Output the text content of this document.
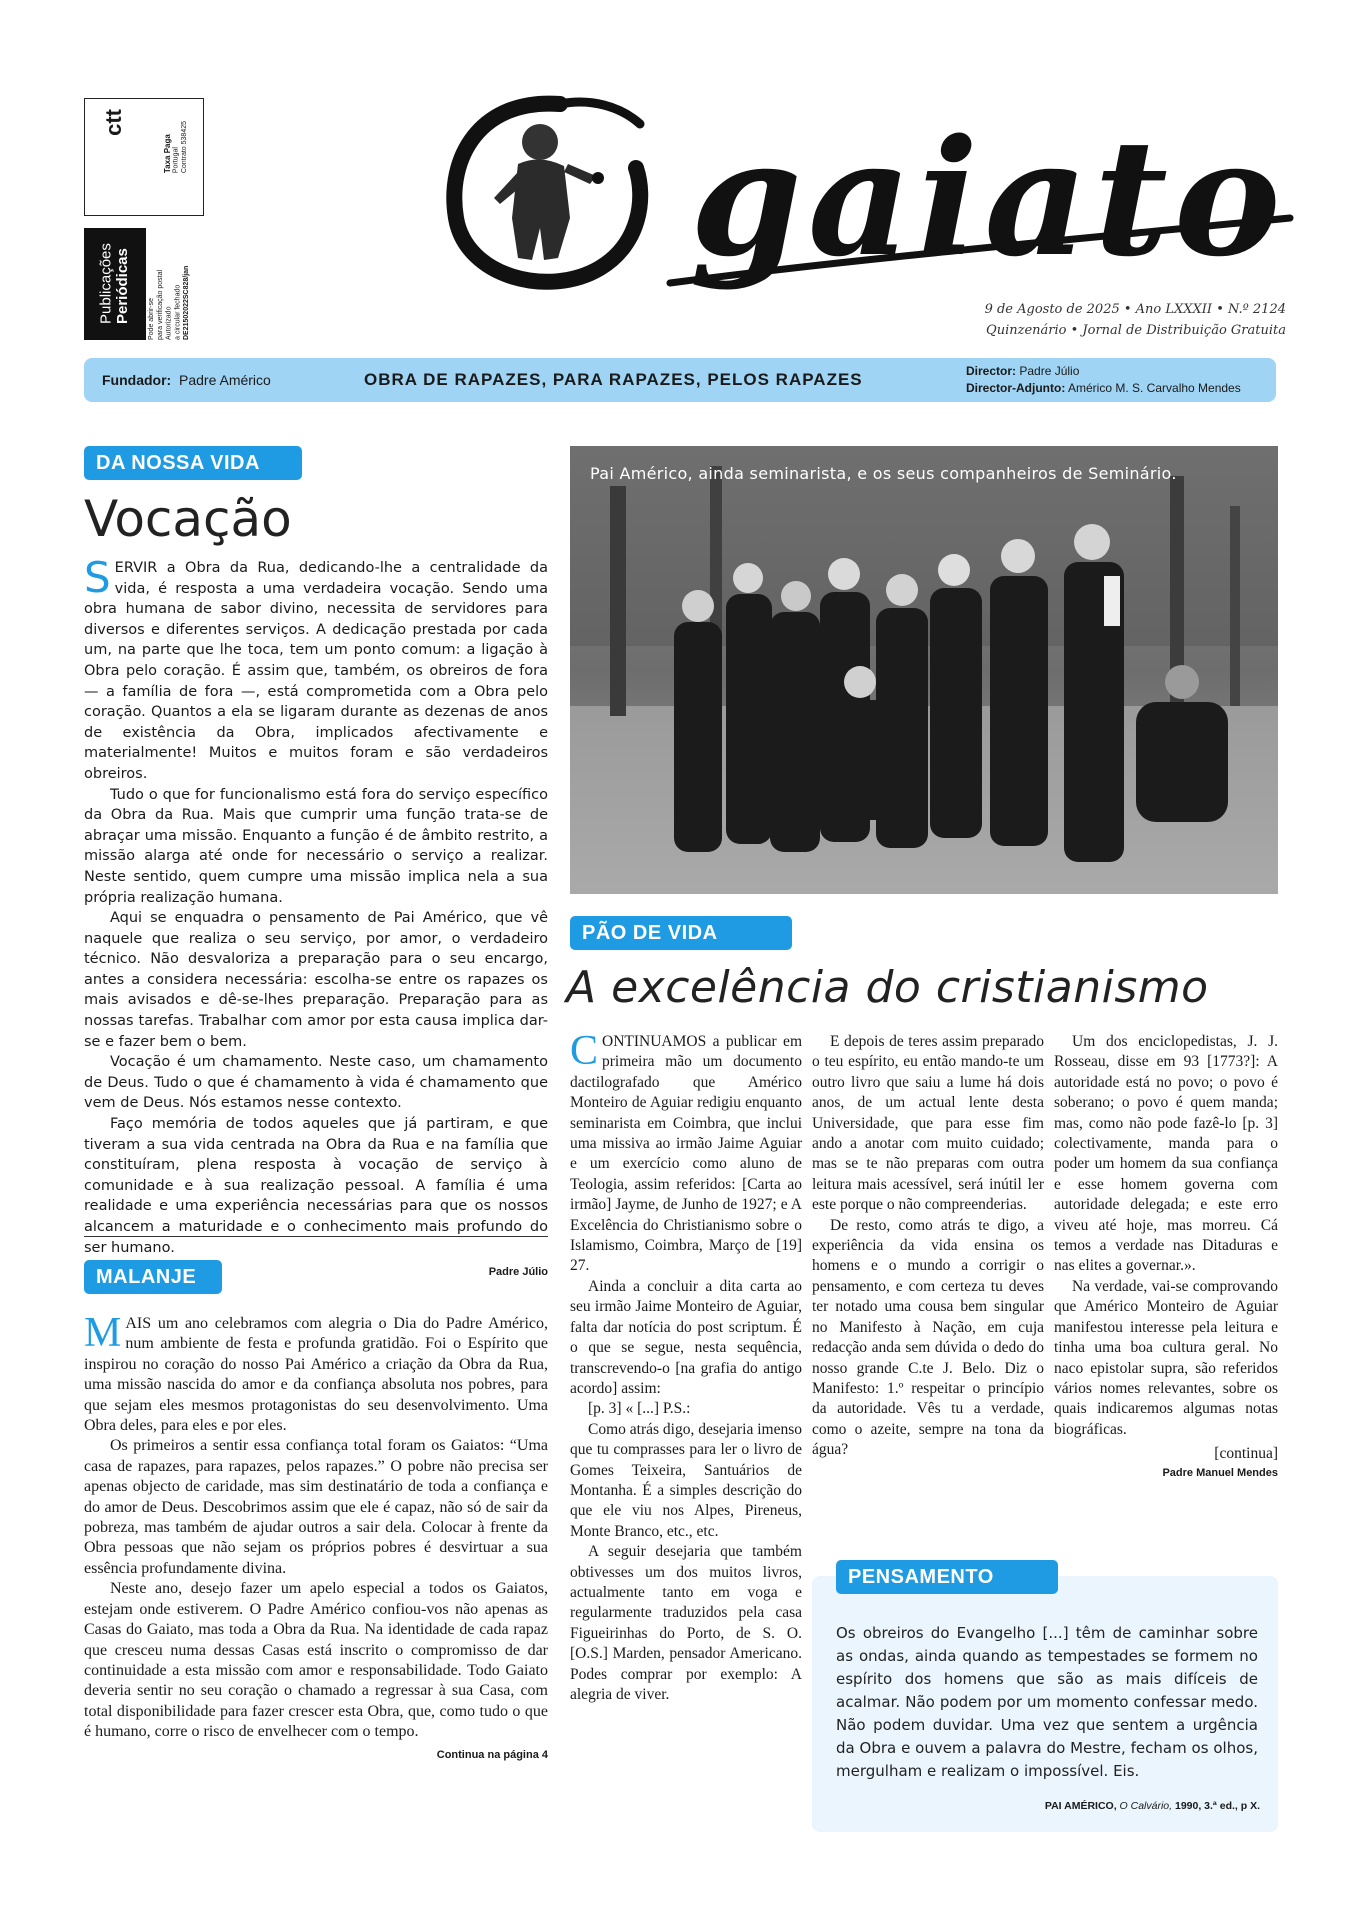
ctt
Taxa Paga
Portugal
Contrato 538425
Publicações
Periódicas Pode abrir-se para verificação postal Autorizado a circular fechado DE21502022SC828/jan
gaiato
9 de Agosto de 2025 • Ano LXXXII • N.º 2124
Quinzenário • Jornal de Distribuição Gratuita
Fundador: Padre Américo	OBRA DE RAPAZES, PARA RAPAZES, PELOS RAPAZES	Director: Padre Júlio
Director-Adjunto: Américo M. S. Carvalho Mendes
DA NOSSA VIDA
Vocação

SERVIR a Obra da Rua, dedicando-lhe a centralidade da vida, é resposta a uma verdadeira vocação. Sendo uma obra humana de sabor divino, necessita de servidores para diversos e diferentes serviços. A dedicação prestada por cada um, na parte que lhe toca, tem um ponto comum: a ligação à Obra pelo coração. É assim que, também, os obreiros de fora — a família de fora —, está comprometida com a Obra pelo coração. Quantos a ela se ligaram durante as dezenas de anos de existência da Obra, implicados afectivamente e materialmente! Muitos e muitos foram e são verdadeiros obreiros.

Tudo o que for funcionalismo está fora do serviço específico da Obra da Rua. Mais que cumprir uma função trata-se de abraçar uma missão. Enquanto a função é de âmbito restrito, a missão alarga até onde for necessário o serviço a realizar. Neste sentido, quem cumpre uma missão implica nela a sua própria realização humana.

Aqui se enquadra o pensamento de Pai Américo, que vê naquele que realiza o seu serviço, por amor, o verdadeiro técnico. Não desvaloriza a preparação para o seu encargo, antes a considera necessária: escolha-se entre os rapazes os mais avisados e dê-se-lhes preparação. Preparação para as nossas tarefas. Trabalhar com amor por esta causa implica dar-se e fazer bem o bem.

Vocação é um chamamento. Neste caso, um chamamento de Deus. Tudo o que é chamamento à vida é chamamento que vem de Deus. Nós estamos nesse contexto.

Faço memória de todos aqueles que já partiram, e que tiveram a sua vida centrada na Obra da Rua e na família que constituíram, plena resposta à vocação de serviço à comunidade e à sua realização pessoal. A família é uma realidade e uma experiência necessárias para que os nossos alcancem a maturidade e o conhecimento mais profundo do ser humano.

Padre Júlio
MALANJE

MAIS um ano celebramos com alegria o Dia do Padre Américo, num ambiente de festa e profunda gratidão. Foi o Espírito que inspirou no coração do nosso Pai Américo a criação da Obra da Rua, uma missão nascida do amor e da confiança absoluta nos pobres, para que sejam eles mesmos protagonistas do seu desenvolvimento. Uma Obra deles, para eles e por eles.

Os primeiros a sentir essa confiança total foram os Gaiatos: “Uma casa de rapazes, para rapazes, pelos rapazes.” O pobre não precisa ser apenas objecto de caridade, mas sim destinatário de toda a confiança e do amor de Deus. Descobrimos assim que ele é capaz, não só de sair da pobreza, mas também de ajudar outros a sair dela. Colocar à frente da Obra pessoas que não sejam os próprios pobres é desvirtuar a sua essência profundamente divina.

Neste ano, desejo fazer um apelo especial a todos os Gaiatos, estejam onde estiverem. O Padre Américo confiou-vos não apenas as Casas do Gaiato, mas toda a Obra da Rua. Na identidade de cada rapaz que cresceu numa dessas Casas está inscrito o compromisso de dar continuidade a esta missão com amor e responsabilidade. Todo Gaiato deveria sentir no seu coração o chamado a regressar à sua Casa, com total disponibilidade para fazer crescer esta Obra, que, como tudo o que é humano, corre o risco de envelhecer com o tempo.

Continua na página 4
Pai Américo, ainda seminarista, e os seus companheiros de Seminário.
PÃO DE VIDA
A excelência do cristianismo

CONTINUAMOS a publicar em primeira mão um documento dactilografado que Américo Monteiro de Aguiar redigiu enquanto seminarista em Coimbra, que inclui uma missiva ao irmão Jaime Aguiar e um exercício como aluno de Teologia, assim referidos: [Carta ao irmão] Jayme, de Junho de 1927; e A Excelência do Christianismo sobre o Islamismo, Coimbra, Março de [19] 27.

Ainda a concluir a dita carta ao seu irmão Jaime Monteiro de Aguiar, falta dar notícia do post scriptum. É o que se segue, nesta sequência, transcrevendo-o [na grafia do antigo acordo] assim:

[p. 3] « [...] P.S.:

Como atrás digo, desejaria imenso que tu comprasses para ler o livro de Gomes Teixeira, Santuários de Montanha. É a simples descrição do que ele viu nos Alpes, Pireneus, Monte Branco, etc., etc.

A seguir desejaria que também obtivesses um dos muitos livros, actualmente tanto em voga e regularmente traduzidos pela casa Figueirinhas do Porto, de S. O. [O.S.] Marden, pensador Americano. Podes comprar por exemplo: A alegria de viver.

E depois de teres assim preparado o teu espírito, eu então mando-te um outro livro que saiu a lume há dois anos, de um actual lente desta Universidade, que para esse fim ando a anotar com muito cuidado; mas se te não preparas com outra leitura mais acessível, será inútil ler este porque o não compreenderias.

De resto, como atrás te digo, a experiência da vida ensina os homens e o mundo a corrigir o pensamento, e com certeza tu deves ter notado uma cousa bem singular no Manifesto à Nação, em cuja redacção anda sem dúvida o dedo do nosso grande C.te J. Belo. Diz o Manifesto: 1.º respeitar o princípio da autoridade. Vês tu a verdade, como o azeite, sempre na tona da água?

Um dos enciclopedistas, J. J. Rosseau, disse em 93 [1773?]: A autoridade está no povo; o povo é soberano; o povo é quem manda; mas, como não pode fazê-lo [p. 3] colectivamente, manda para o poder um homem da sua confiança e esse homem governa com autoridade delegada; e este erro viveu até hoje, mas morreu. Cá temos a verdade nas Ditaduras e nas elites a governar.».

Na verdade, vai-se comprovando que Américo Monteiro de Aguiar manifestou interesse pela leitura e tinha uma boa cultura geral. No naco epistolar supra, são referidos vários nomes relevantes, sobre os quais indicaremos algumas notas biográficas.

[continua]
Padre Manuel Mendes
Os obreiros do Evangelho [...] têm de caminhar sobre as ondas, ainda quando as tempestades se formem no espírito dos homens que são as mais difíceis de acalmar. Não podem por um momento confessar medo. Não podem duvidar. Uma vez que sentem a urgência da Obra e ouvem a palavra do Mestre, fecham os olhos, mergulham e realizam o impossível. Eis.
PAI AMÉRICO, O Calvário, 1990, 3.ª ed., p X.
PENSAMENTO
